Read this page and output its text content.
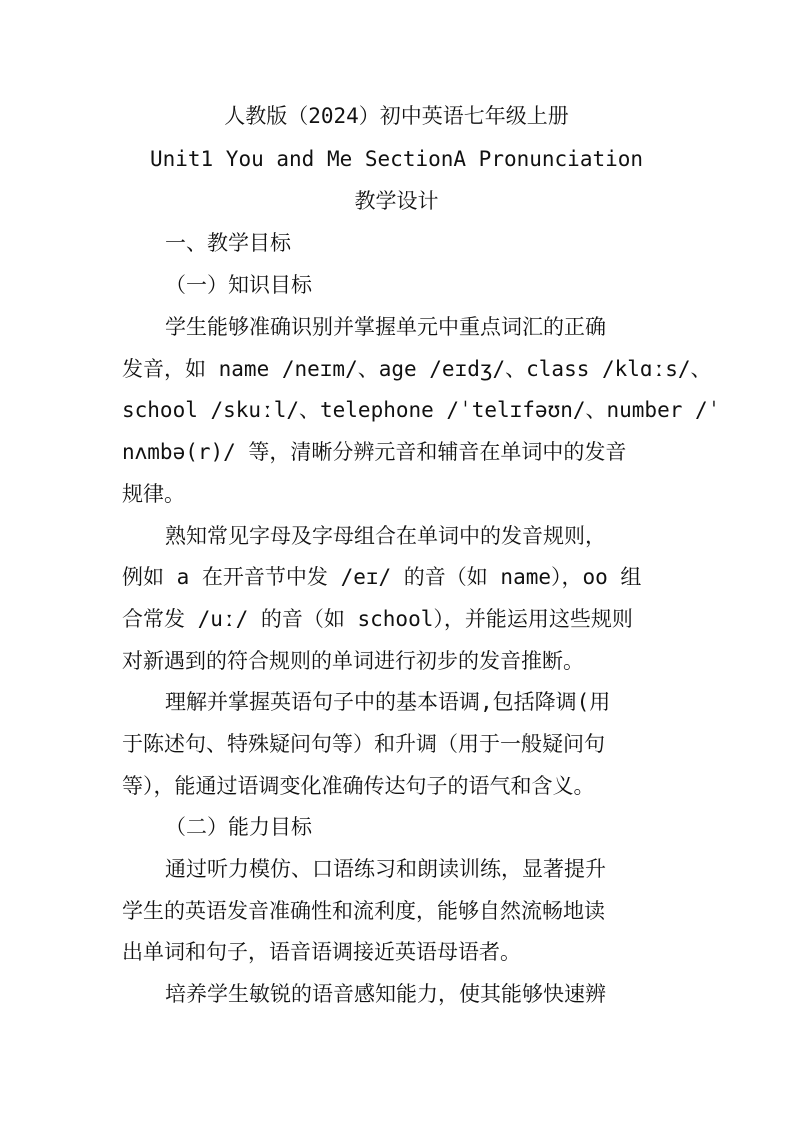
人教版（2024）初中英语七年级上册
Unit1 You and Me SectionA Pronunciation
教学设计
一、教学目标
（一）知识目标
学生能够准确识别并掌握单元中重点词汇的正确
发音，如 name /neɪm/、age /eɪdʒ/、class /klɑːs/、
school /skuːl/、telephone /ˈtelɪfəʊn/、number /ˈ
nʌmbə(r)/ 等，清晰分辨元音和辅音在单词中的发音
规律。
熟知常见字母及字母组合在单词中的发音规则，
例如 a 在开音节中发 /eɪ/ 的音（如 name），oo 组
合常发 /uː/ 的音（如 school），并能运用这些规则
对新遇到的符合规则的单词进行初步的发音推断。
理解并掌握英语句子中的基本语调,包括降调(用
于陈述句、特殊疑问句等）和升调（用于一般疑问句
等），能通过语调变化准确传达句子的语气和含义。
（二）能力目标
通过听力模仿、口语练习和朗读训练，显著提升
学生的英语发音准确性和流利度，能够自然流畅地读
出单词和句子，语音语调接近英语母语者。
培养学生敏锐的语音感知能力，使其能够快速辨
